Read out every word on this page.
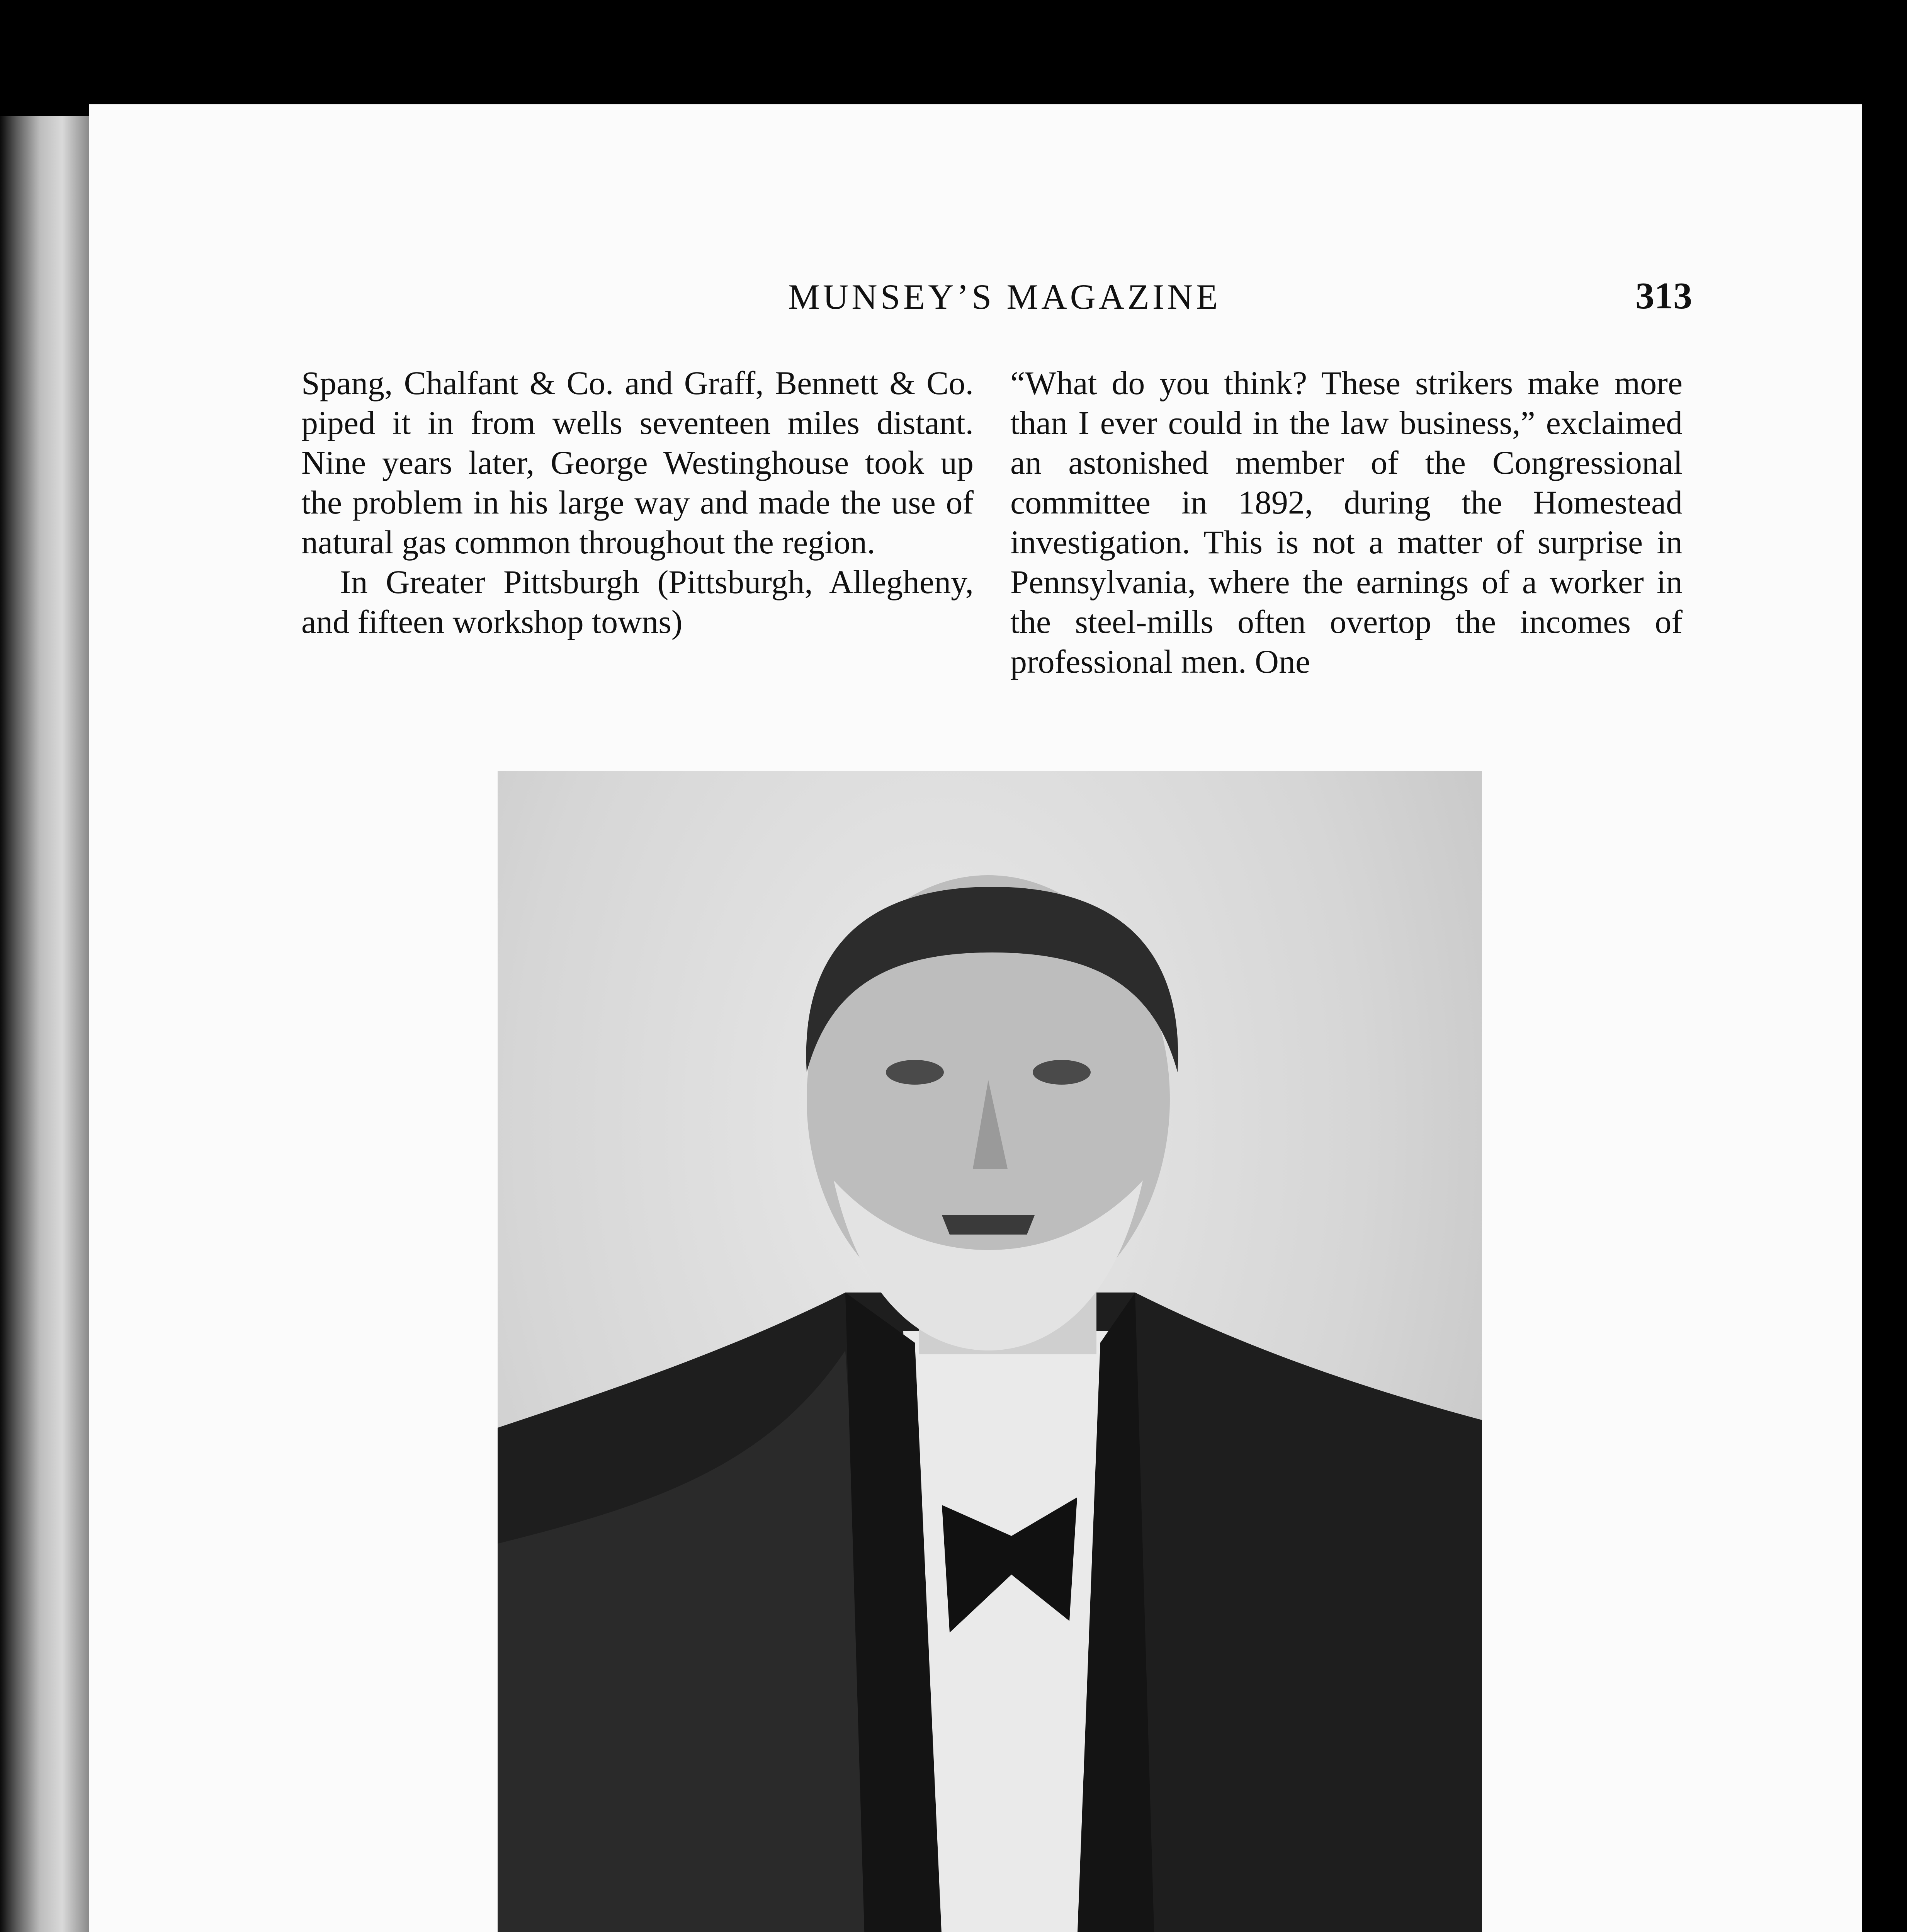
MUNSEY’S MAGAZINE	313

Spang, Chalfant & Co. and Graff, Bennett & Co. piped it in from wells seventeen miles distant. Nine years later, George Westinghouse took up the problem in his large way and made the use of natural gas common throughout the region.

In Greater Pittsburgh (Pittsburgh, Allegheny, and fifteen workshop towns)

“What do you think? These strikers make more than I ever could in the law business,” exclaimed an astonished member of the Congressional committee in 1892, during the Homestead investigation. This is not a matter of surprise in Pennsylvania, where the earnings of a worker in the steel-mills often overtop the incomes of professional men. One
